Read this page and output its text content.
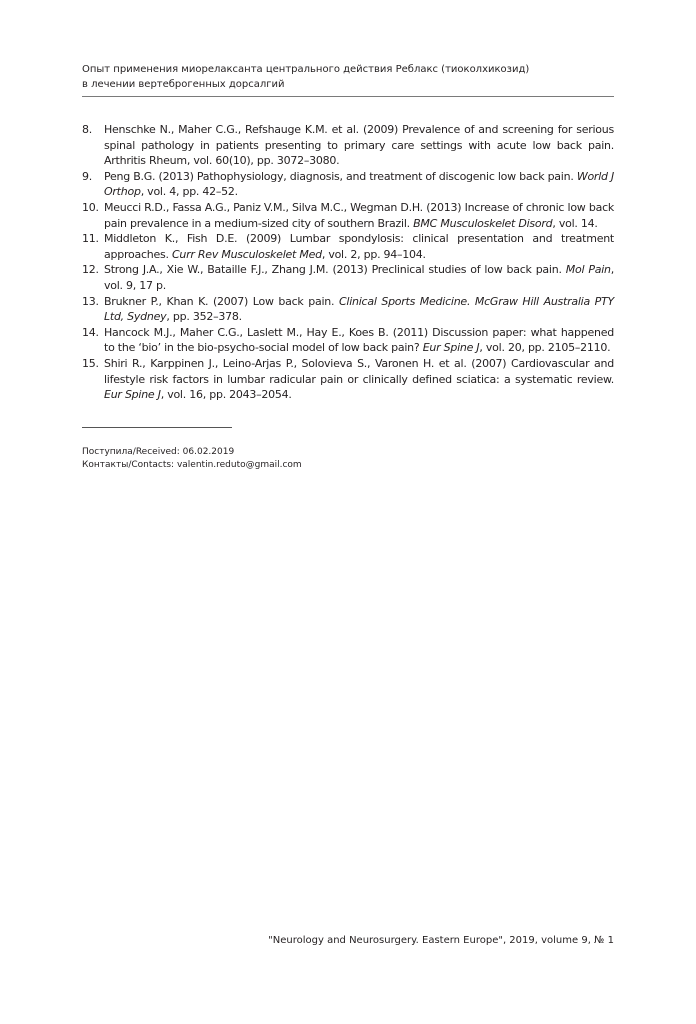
Опыт применения миорелаксанта центрального действия Реблакс (тиоколхикозид)
в лечении вертеброгенных дорсалгий
8. Henschke N., Maher C.G., Refshauge K.M. et al. (2009) Prevalence of and screening for serious spinal pathology in patients presenting to primary care settings with acute low back pain. Arthritis Rheum, vol. 60(10), pp. 3072–3080.
9. Peng B.G. (2013) Pathophysiology, diagnosis, and treatment of discogenic low back pain. World J Orthop, vol. 4, pp. 42–52.
10. Meucci R.D., Fassa A.G., Paniz V.M., Silva M.C., Wegman D.H. (2013) Increase of chronic low back pain prevalence in a medium-sized city of southern Brazil. BMC Musculoskelet Disord, vol. 14.
11. Middleton K., Fish D.E. (2009) Lumbar spondylosis: clinical presentation and treatment approaches. Curr Rev Musculoskelet Med, vol. 2, pp. 94–104.
12. Strong J.A., Xie W., Bataille F.J., Zhang J.M. (2013) Preclinical studies of low back pain. Mol Pain, vol. 9, 17 p.
13. Brukner P., Khan K. (2007) Low back pain. Clinical Sports Medicine. McGraw Hill Australia PTY Ltd, Sydney, pp. 352–378.
14. Hancock M.J., Maher C.G., Laslett M., Hay E., Koes B. (2011) Discussion paper: what happened to the ‘bio’ in the bio-psycho-social model of low back pain? Eur Spine J, vol. 20, pp. 2105–2110.
15. Shiri R., Karppinen J., Leino-Arjas P., Solovieva S., Varonen H. et al. (2007) Cardiovascular and lifestyle risk factors in lumbar radicular pain or clinically defined sciatica: a systematic review. Eur Spine J, vol. 16, pp. 2043–2054.
Поступила/Received: 06.02.2019
Контакты/Contacts: valentin.reduto@gmail.com
"Neurology and Neurosurgery. Eastern Europe", 2019, volume 9, № 1
